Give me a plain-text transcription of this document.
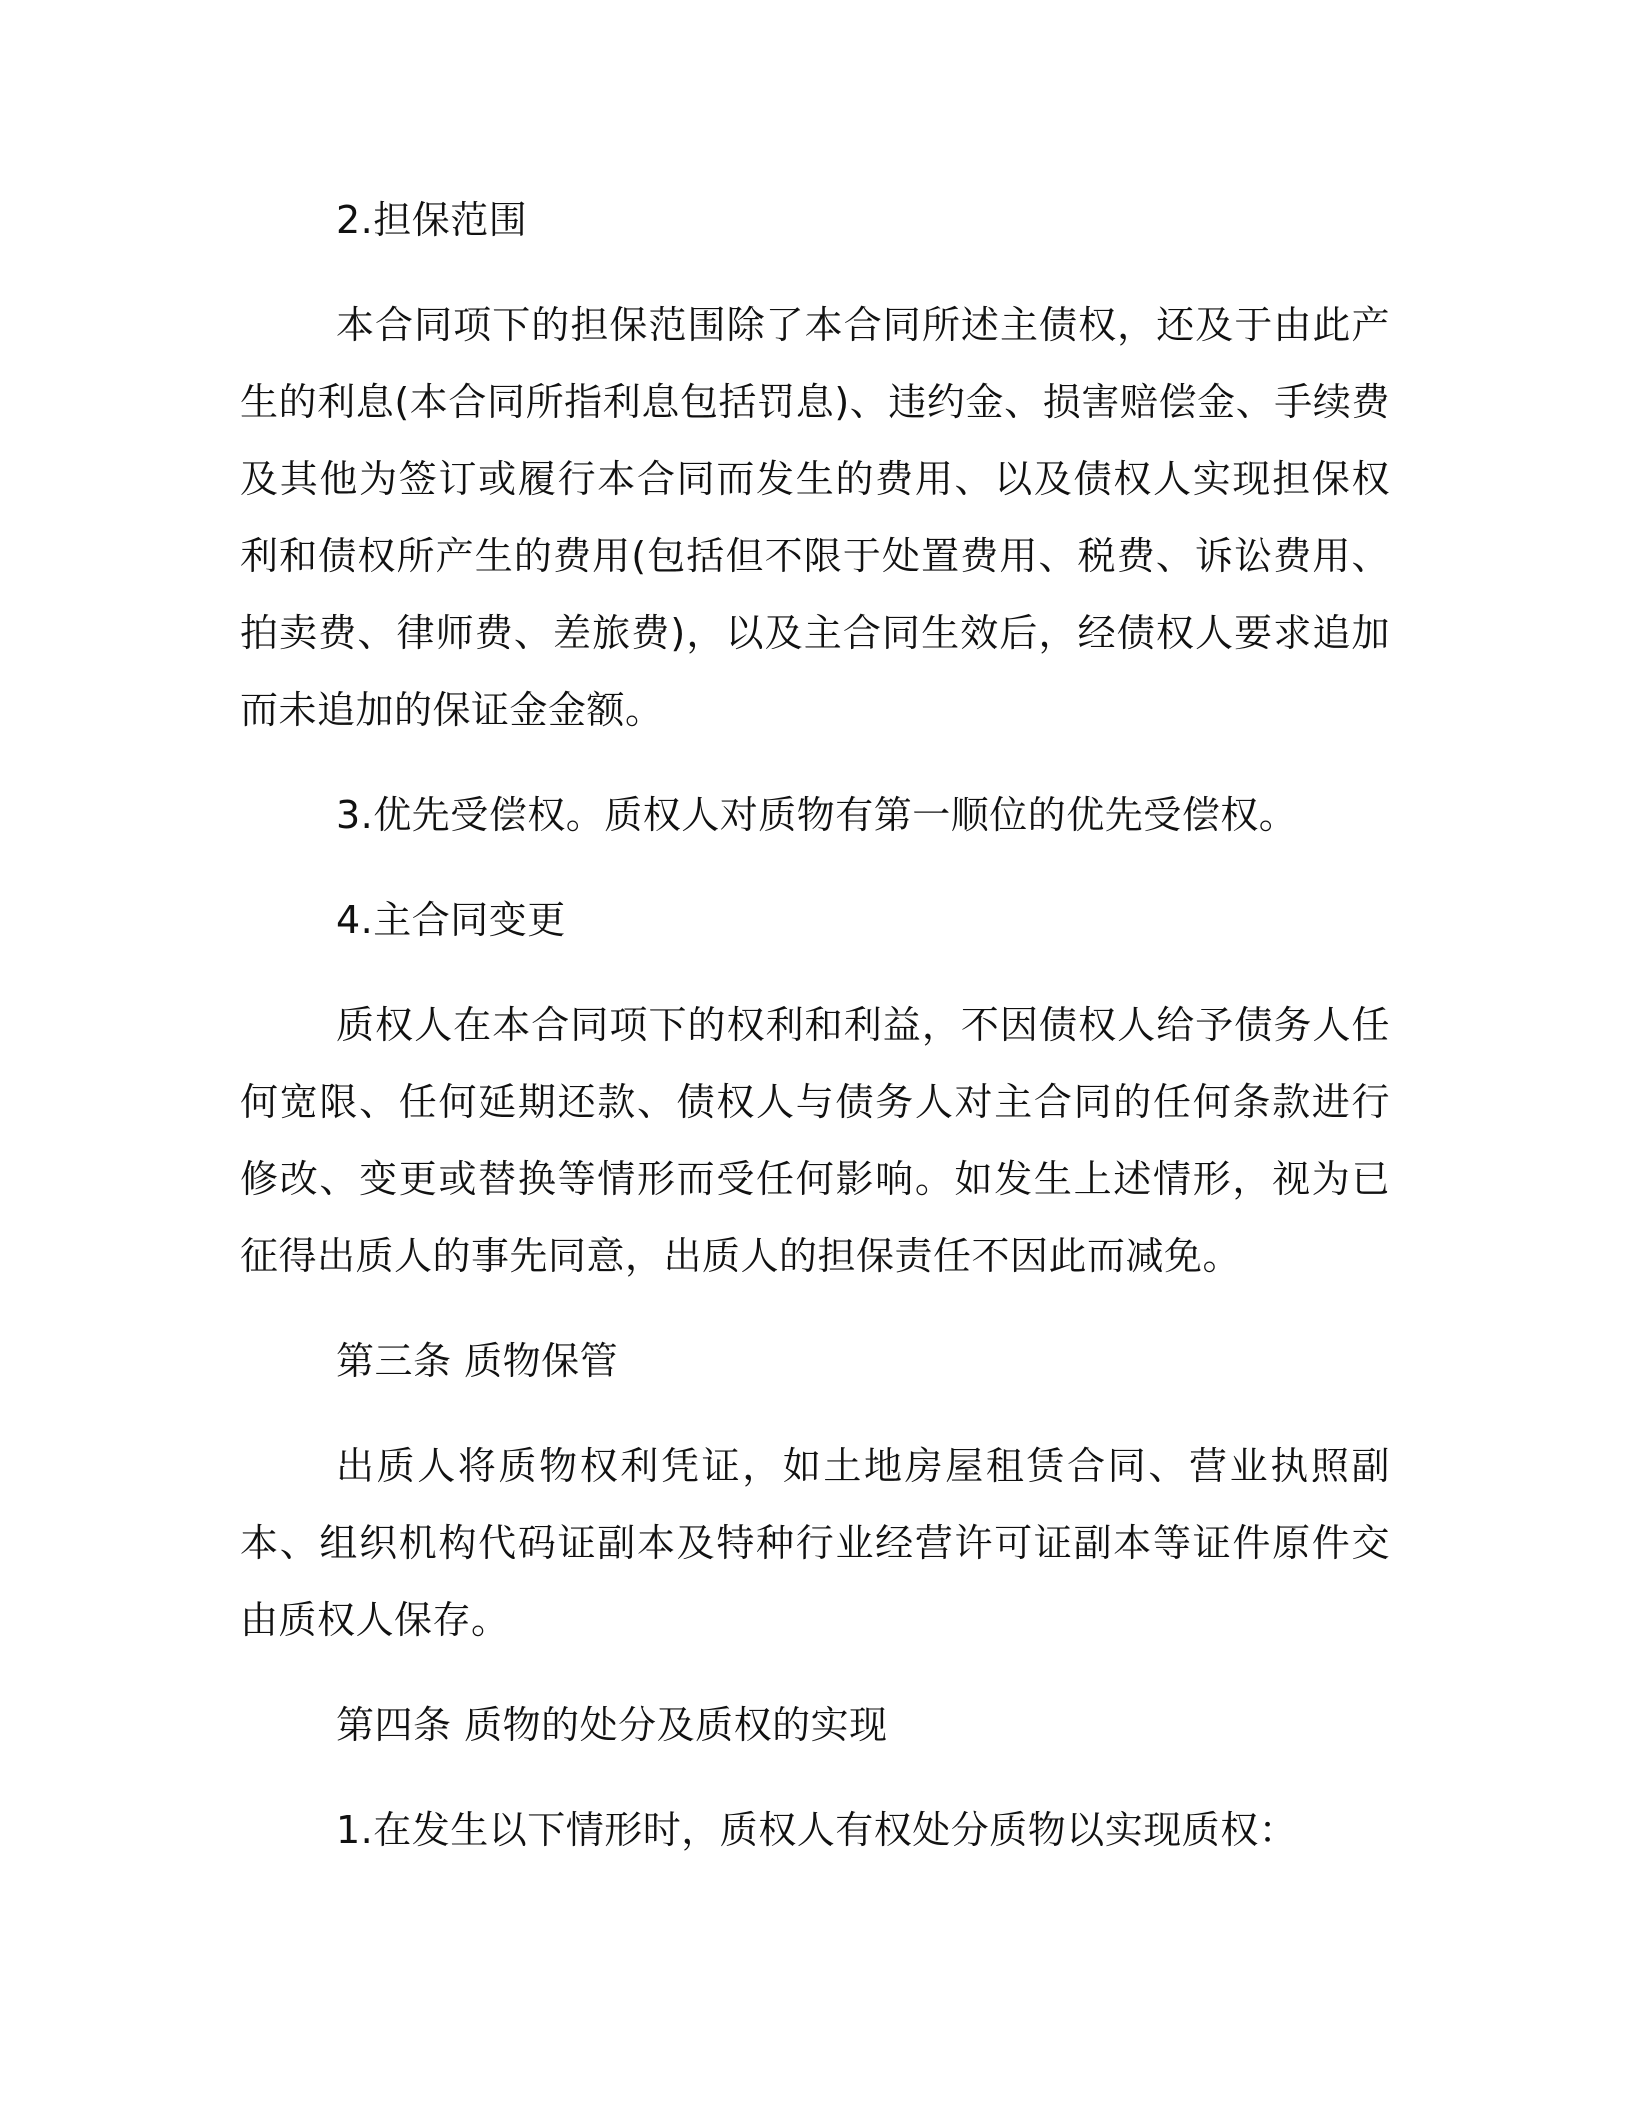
2.担保范围

本合同项下的担保范围除了本合同所述主债权，还及于由此产生的利息(本合同所指利息包括罚息)、违约金、损害赔偿金、手续费及其他为签订或履行本合同而发生的费用、以及债权人实现担保权利和债权所产生的费用(包括但不限于处置费用、税费、诉讼费用、拍卖费、律师费、差旅费)，以及主合同生效后，经债权人要求追加而未追加的保证金金额。

3.优先受偿权。质权人对质物有第一顺位的优先受偿权。

4.主合同变更

质权人在本合同项下的权利和利益，不因债权人给予债务人任何宽限、任何延期还款、债权人与债务人对主合同的任何条款进行修改、变更或替换等情形而受任何影响。如发生上述情形，视为已征得出质人的事先同意，出质人的担保责任不因此而减免。

第三条 质物保管

出质人将质物权利凭证，如土地房屋租赁合同、营业执照副本、组织机构代码证副本及特种行业经营许可证副本等证件原件交由质权人保存。

第四条 质物的处分及质权的实现

1.在发生以下情形时，质权人有权处分质物以实现质权：
